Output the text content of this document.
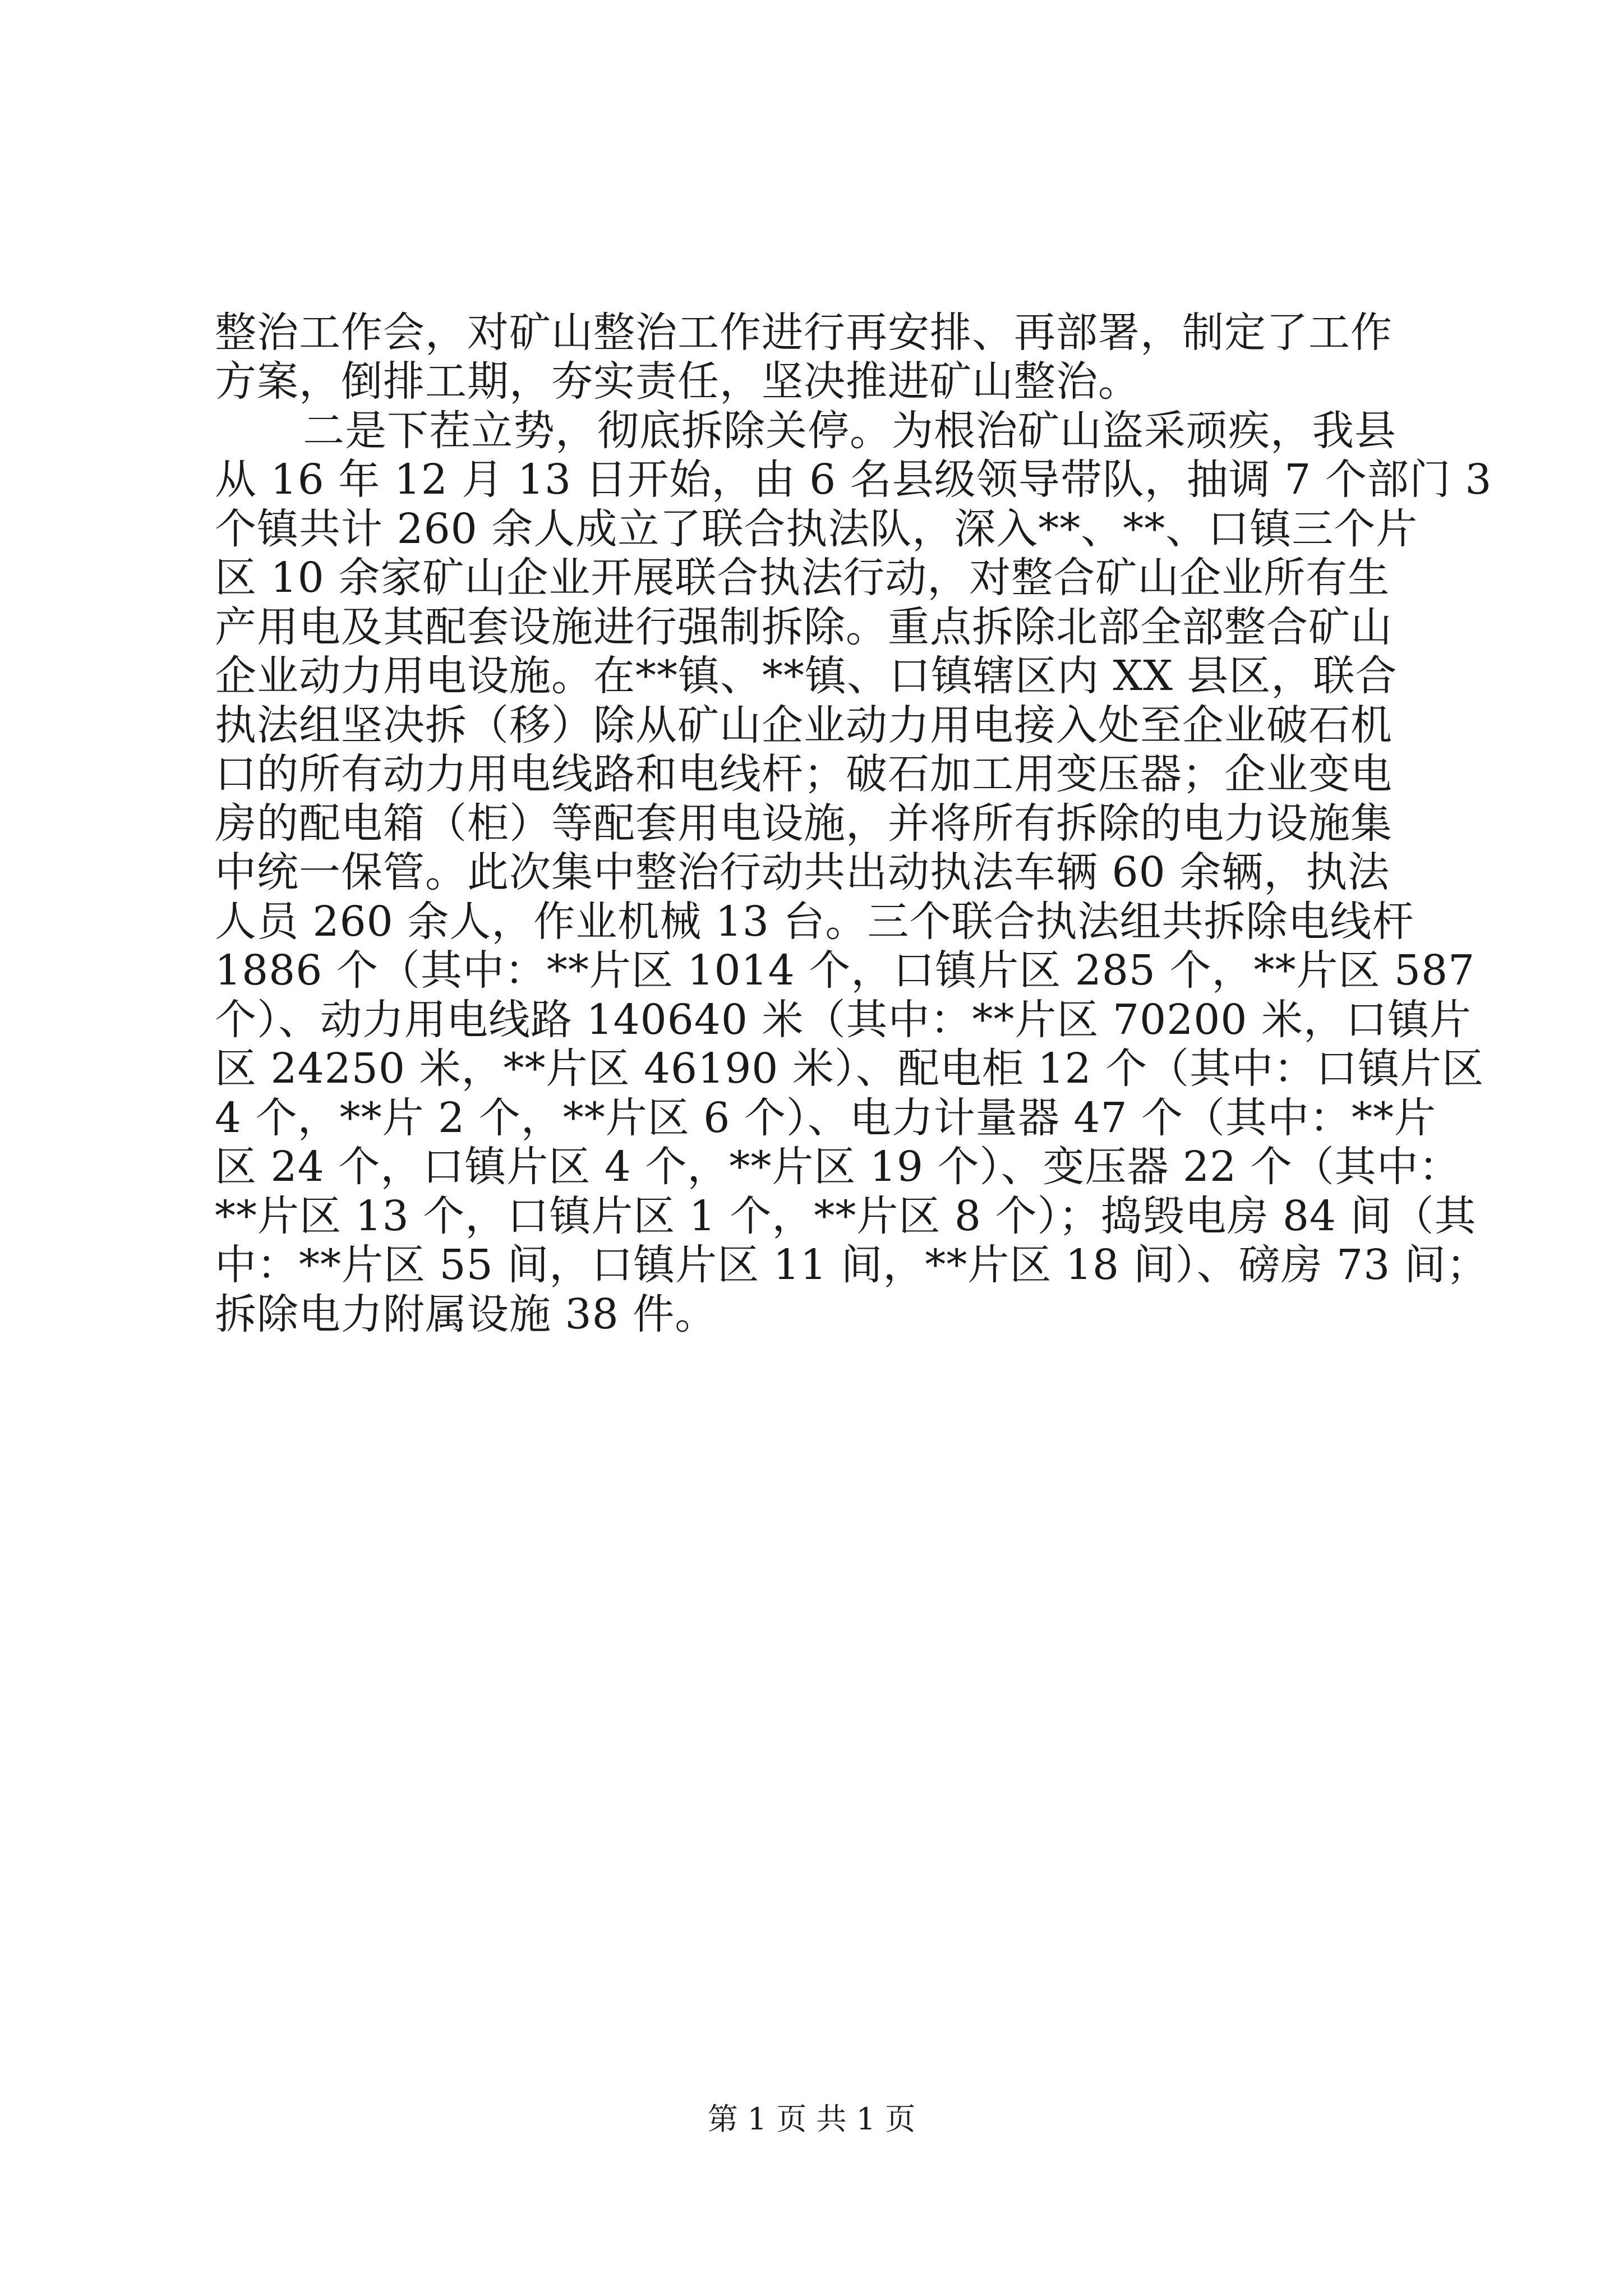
整治工作会，对矿山整治工作进行再安排、再部署，制定了工作
方案，倒排工期，夯实责任，坚决推进矿山整治。
二是下茬立势，彻底拆除关停。为根治矿山盗采顽疾，我县
从 16 年 12 月 13 日开始，由 6 名县级领导带队，抽调 7 个部门 3
个镇共计 260 余人成立了联合执法队，深入**、**、口镇三个片
区 10 余家矿山企业开展联合执法行动，对整合矿山企业所有生
产用电及其配套设施进行强制拆除。重点拆除北部全部整合矿山
企业动力用电设施。在**镇、**镇、口镇辖区内 XX 县区，联合
执法组坚决拆（移）除从矿山企业动力用电接入处至企业破石机
口的所有动力用电线路和电线杆；破石加工用变压器；企业变电
房的配电箱（柜）等配套用电设施，并将所有拆除的电力设施集
中统一保管。此次集中整治行动共出动执法车辆 60 余辆，执法
人员 260 余人，作业机械 13 台。三个联合执法组共拆除电线杆
1886 个（其中：**片区 1014 个，口镇片区 285 个，**片区 587
个）、动力用电线路 140640 米（其中：**片区 70200 米，口镇片
区 24250 米，**片区 46190 米）、配电柜 12 个（其中：口镇片区
4 个，**片 2 个，**片区 6 个）、电力计量器 47 个（其中：**片
区 24 个，口镇片区 4 个，**片区 19 个）、变压器 22 个（其中：
**片区 13 个，口镇片区 1 个，**片区 8 个）；捣毁电房 84 间（其
中：**片区 55 间，口镇片区 11 间，**片区 18 间）、磅房 73 间；
拆除电力附属设施 38 件。
第 1 页 共 1 页
